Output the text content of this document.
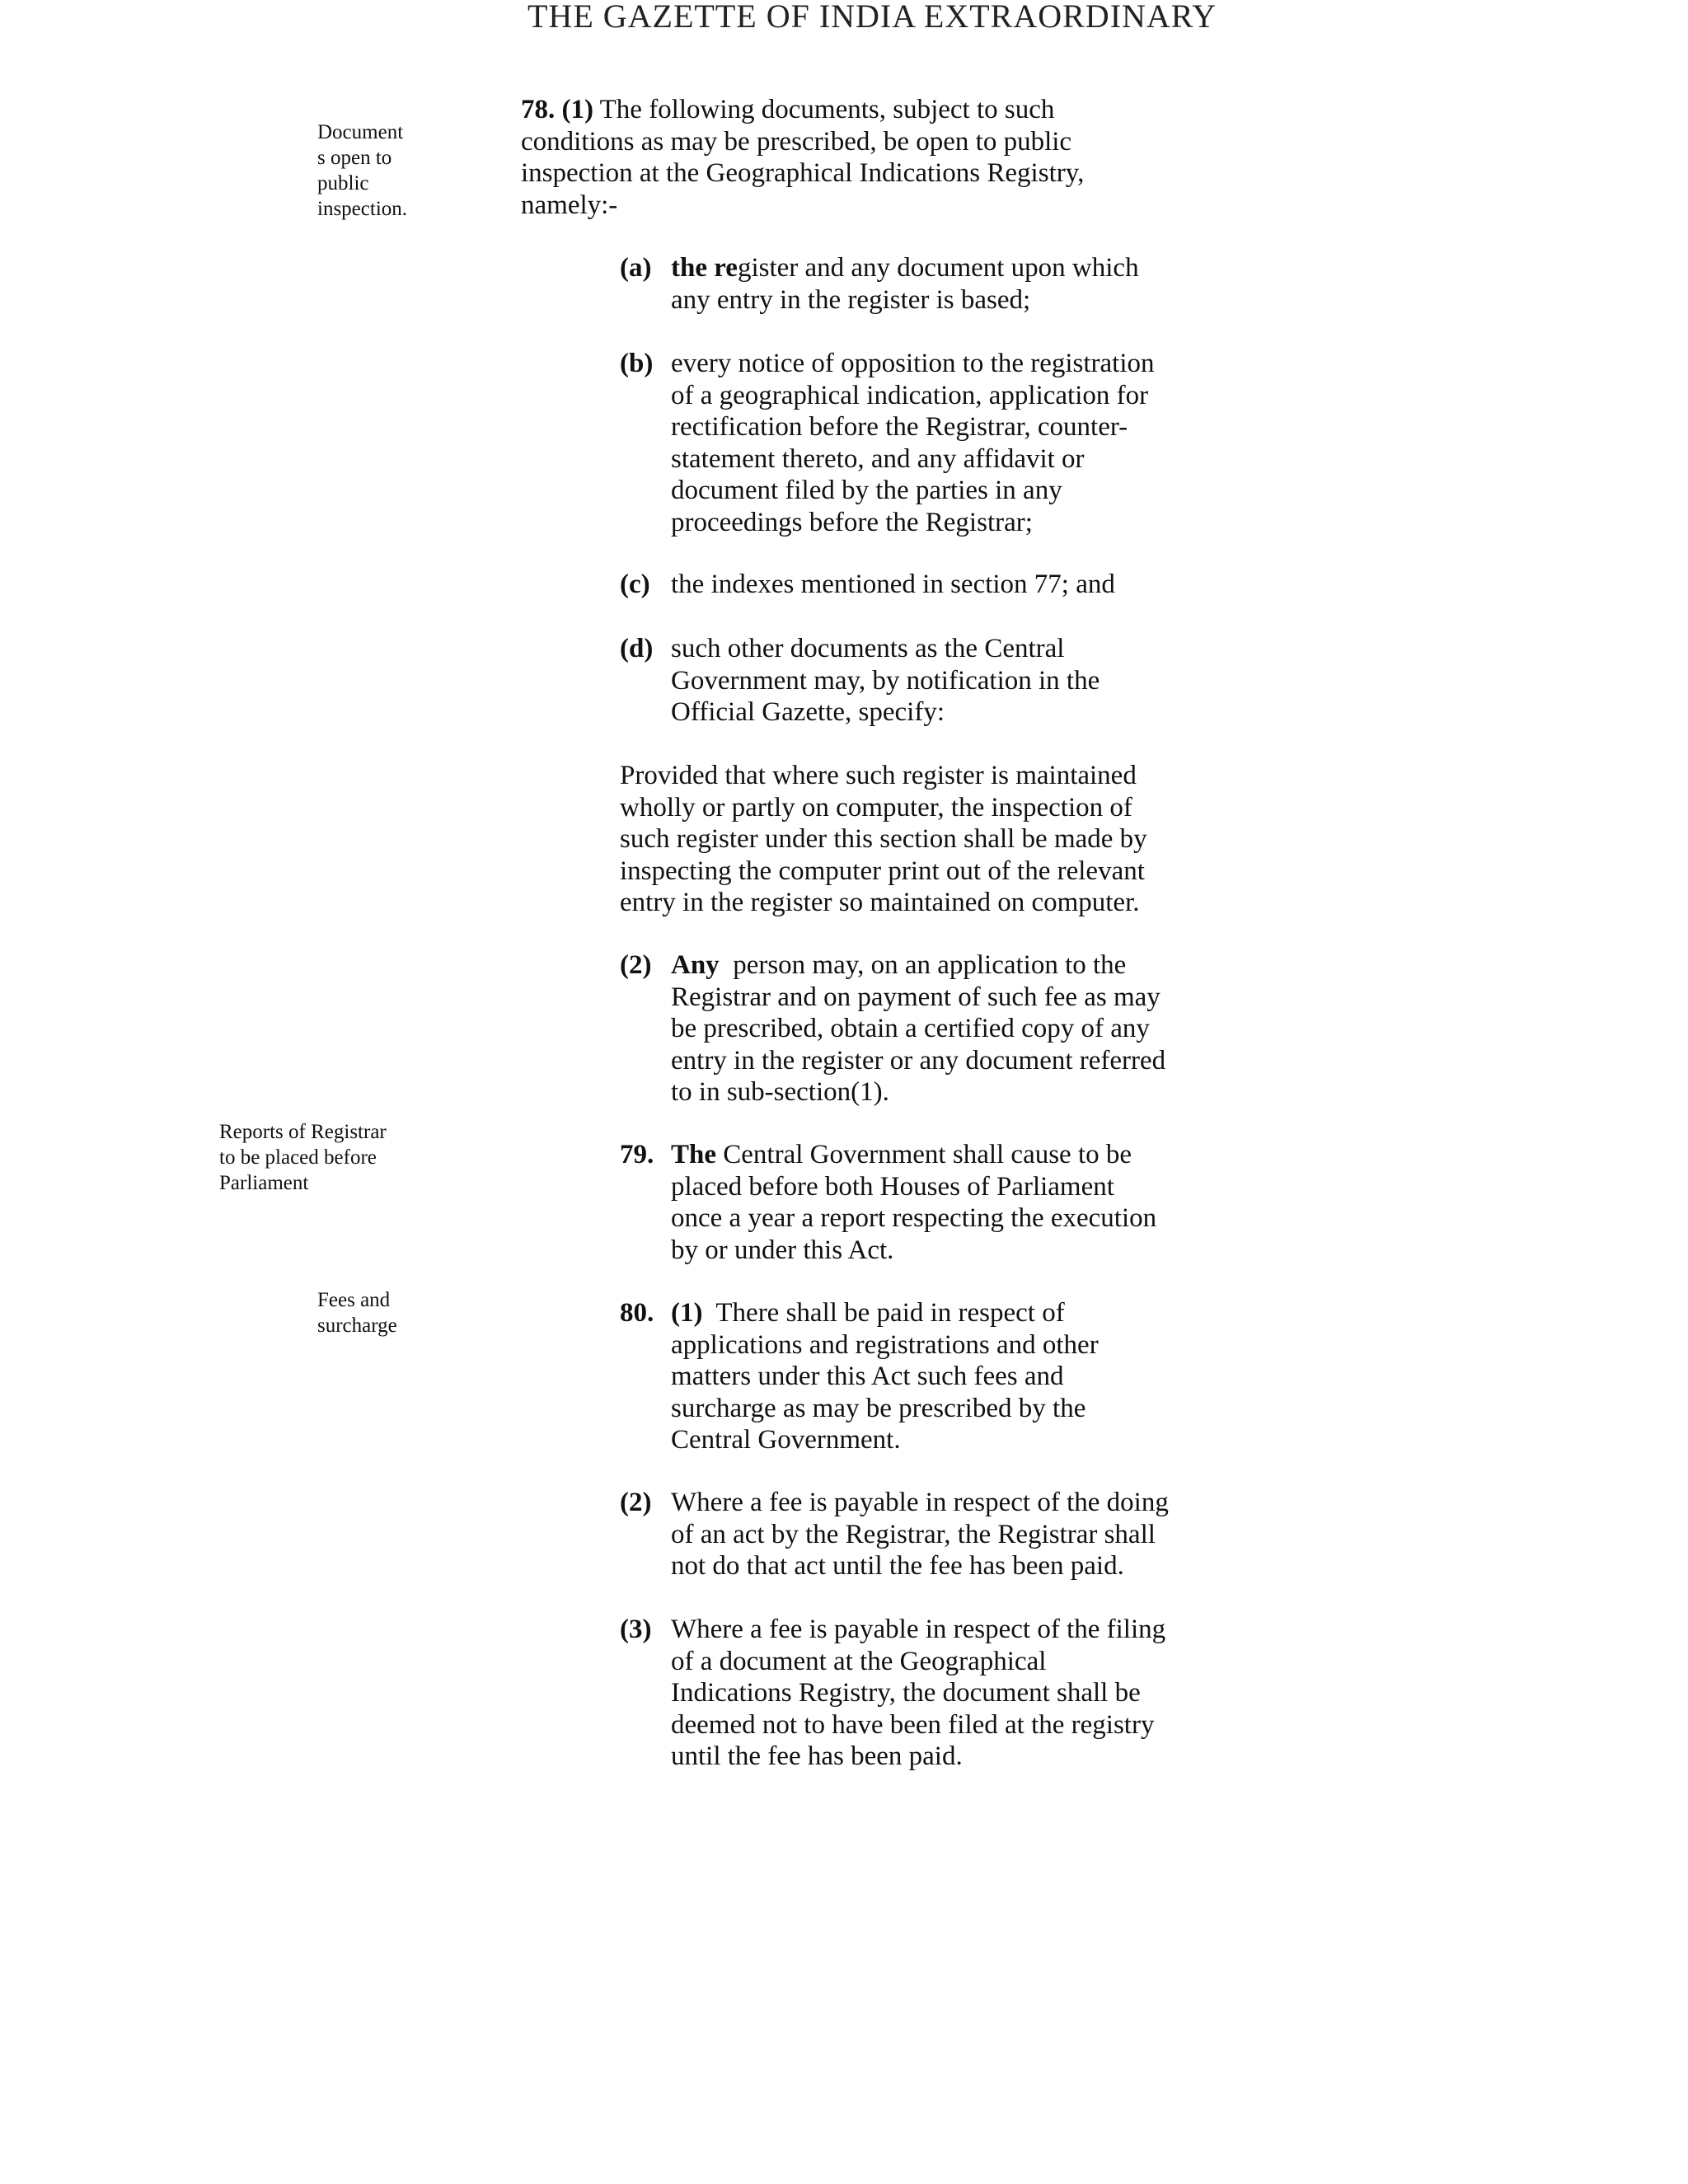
THE GAZETTE OF INDIA EXTRAORDINARY
Document
s open to
public
inspection.
78. (1) The following documents, subject to such
conditions as may be prescribed, be open to public
inspection at the Geographical Indications Registry,
namely:-
(a) the register and any document upon which
any entry in the register is based;
(b) every notice of opposition to the registration
of a geographical indication, application for
rectification before the Registrar, counter-
statement thereto, and any affidavit or
document filed by the parties in any
proceedings before the Registrar;
(c) the indexes mentioned in section 77; and
(d) such other documents as the Central
Government may, by notification in the
Official Gazette, specify:
Provided that where such register is maintained
wholly or partly on computer, the inspection of
such register under this section shall be made by
inspecting the computer print out of the relevant
entry in the register so maintained on computer.
(2) Any  person may, on an application to the
Registrar and on payment of such fee as may
be prescribed, obtain a certified copy of any
entry in the register or any document referred
to in sub-section(1).
Reports of Registrar
to be placed before
Parliament
79. The Central Government shall cause to be
placed before both Houses of Parliament
once a year a report respecting the execution
by or under this Act.
Fees and
surcharge	80. (1)  There shall be paid in respect of
applications and registrations and other
matters under this Act such fees and
surcharge as may be prescribed by the
Central Government.
(2) Where a fee is payable in respect of the doing
of an act by the Registrar, the Registrar shall
not do that act until the fee has been paid.
(3) Where a fee is payable in respect of the filing
of a document at the Geographical
Indications Registry, the document shall be
deemed not to have been filed at the registry
until the fee has been paid.
